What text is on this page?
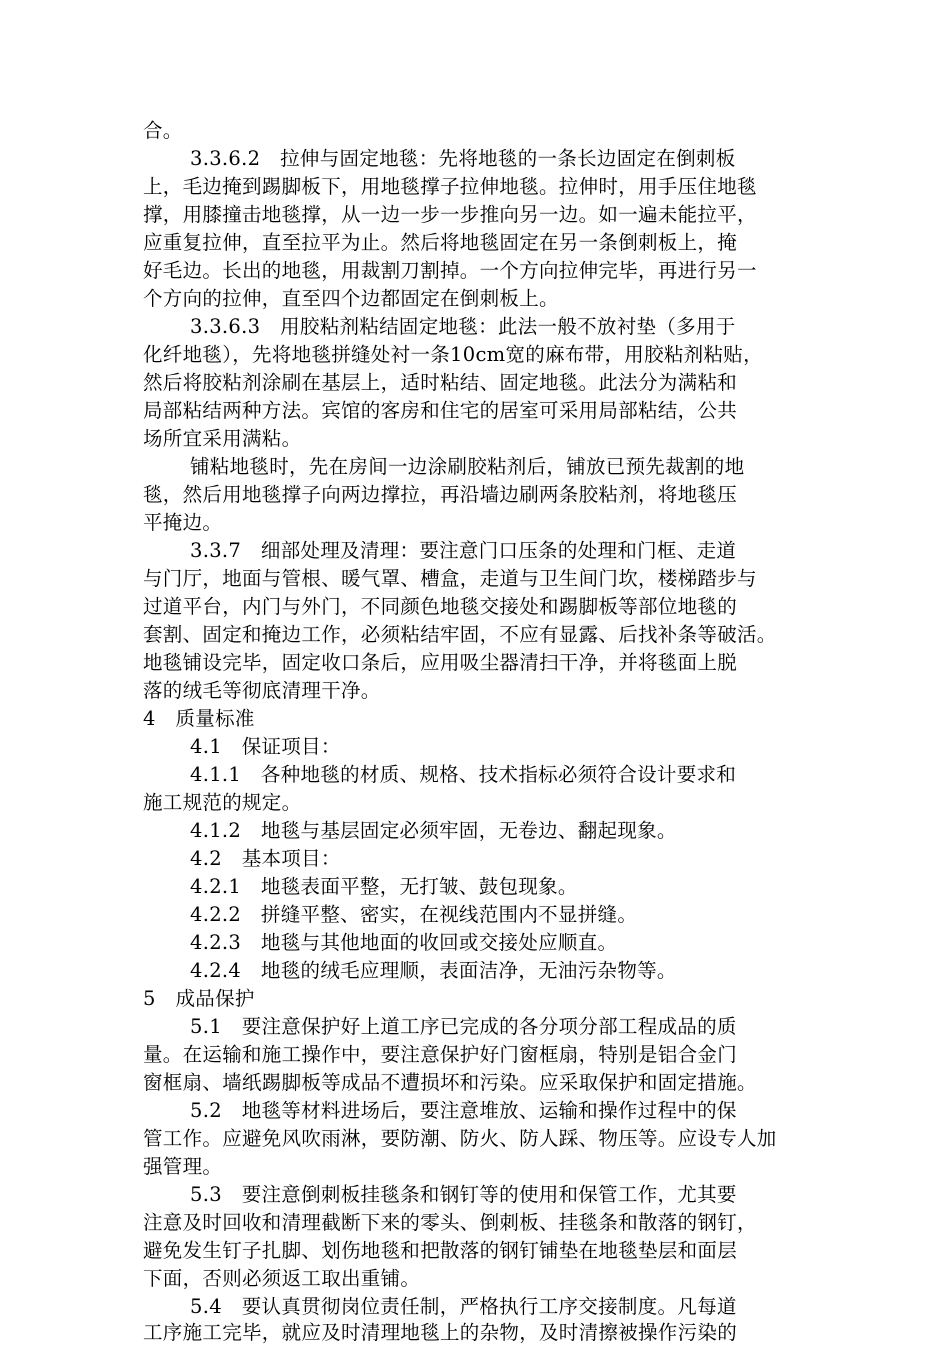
合。
3.3.6.2　拉伸与固定地毯：先将地毯的一条长边固定在倒刺板
上，毛边掩到踢脚板下，用地毯撑子拉伸地毯。拉伸时，用手压住地毯
撑，用膝撞击地毯撑，从一边一步一步推向另一边。如一遍未能拉平，
应重复拉伸，直至拉平为止。然后将地毯固定在另一条倒刺板上，掩
好毛边。长出的地毯，用裁割刀割掉。一个方向拉伸完毕，再进行另一
个方向的拉伸，直至四个边都固定在倒刺板上。
3.3.6.3　用胶粘剂粘结固定地毯：此法一般不放衬垫（多用于
化纤地毯），先将地毯拼缝处衬一条10cm宽的麻布带，用胶粘剂粘贴，
然后将胶粘剂涂刷在基层上，适时粘结、固定地毯。此法分为满粘和
局部粘结两种方法。宾馆的客房和住宅的居室可采用局部粘结，公共
场所宜采用满粘。
铺粘地毯时，先在房间一边涂刷胶粘剂后，铺放已预先裁割的地
毯，然后用地毯撑子向两边撑拉，再沿墙边刷两条胶粘剂，将地毯压
平掩边。
3.3.7　细部处理及清理：要注意门口压条的处理和门框、走道
与门厅，地面与管根、暖气罩、槽盒，走道与卫生间门坎，楼梯踏步与
过道平台，内门与外门，不同颜色地毯交接处和踢脚板等部位地毯的
套割、固定和掩边工作，必须粘结牢固，不应有显露、后找补条等破活。
地毯铺设完毕，固定收口条后，应用吸尘器清扫干净，并将毯面上脱
落的绒毛等彻底清理干净。
4　质量标准
4.1　保证项目：
4.1.1　各种地毯的材质、规格、技术指标必须符合设计要求和
施工规范的规定。
4.1.2　地毯与基层固定必须牢固，无卷边、翻起现象。
4.2　基本项目：
4.2.1　地毯表面平整，无打皱、鼓包现象。
4.2.2　拼缝平整、密实，在视线范围内不显拼缝。
4.2.3　地毯与其他地面的收回或交接处应顺直。
4.2.4　地毯的绒毛应理顺，表面洁净，无油污杂物等。
5　成品保护
5.1　要注意保护好上道工序已完成的各分项分部工程成品的质
量。在运输和施工操作中，要注意保护好门窗框扇，特别是铝合金门
窗框扇、墙纸踢脚板等成品不遭损坏和污染。应采取保护和固定措施。
5.2　地毯等材料进场后，要注意堆放、运输和操作过程中的保
管工作。应避免风吹雨淋，要防潮、防火、防人踩、物压等。应设专人加
强管理。
5.3　要注意倒刺板挂毯条和钢钉等的使用和保管工作，尤其要
注意及时回收和清理截断下来的零头、倒刺板、挂毯条和散落的钢钉，
避免发生钉子扎脚、划伤地毯和把散落的钢钉铺垫在地毯垫层和面层
下面，否则必须返工取出重铺。
5.4　要认真贯彻岗位责任制，严格执行工序交接制度。凡每道
工序施工完毕，就应及时清理地毯上的杂物，及时清擦被操作污染的
